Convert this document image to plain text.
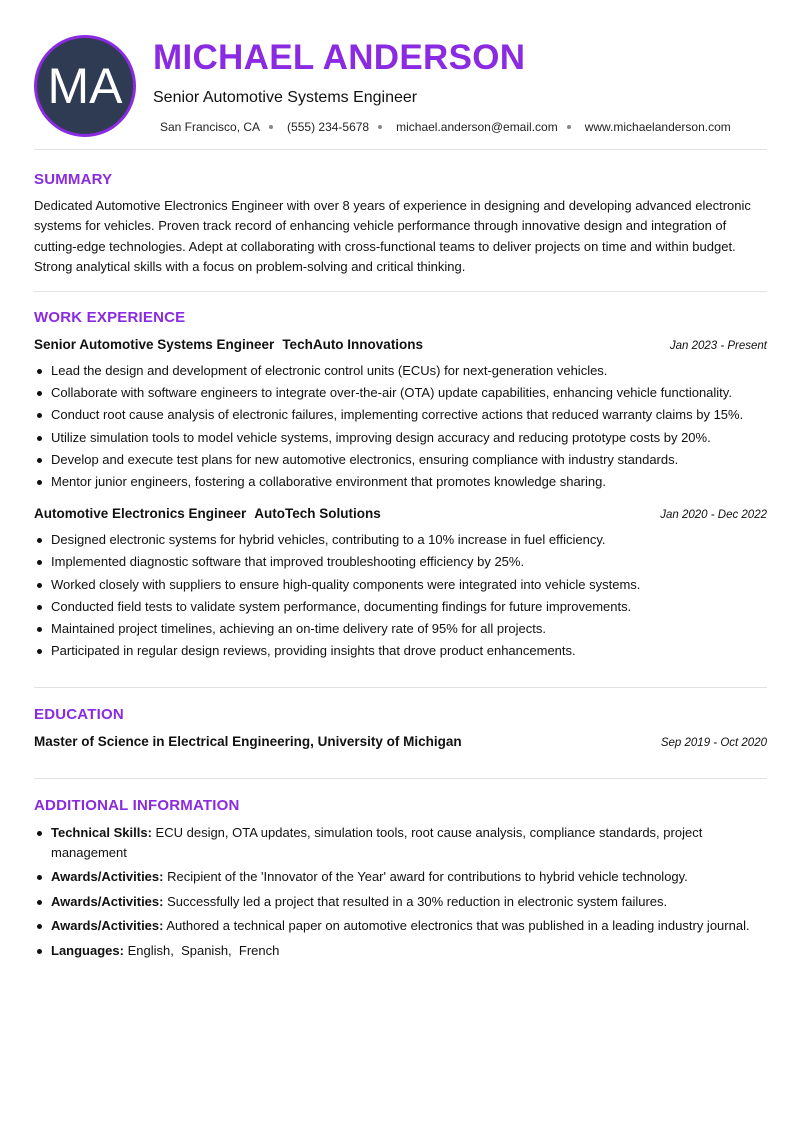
MA
MICHAEL ANDERSON
Senior Automotive Systems Engineer
San Francisco, CA (555) 234-5678 michael.anderson@email.com www.michaelanderson.com
SUMMARY

Dedicated Automotive Electronics Engineer with over 8 years of experience in designing and developing advanced electronic systems for vehicles. Proven track record of enhancing vehicle performance through innovative design and integration of cutting-edge technologies. Adept at collaborating with cross-functional teams to deliver projects on time and within budget. Strong analytical skills with a focus on problem-solving and critical thinking.

WORK EXPERIENCE
Senior Automotive Systems Engineer TechAuto Innovations	Jan 2023 - Present
Lead the design and development of electronic control units (ECUs) for next-generation vehicles.
Collaborate with software engineers to integrate over-the-air (OTA) update capabilities, enhancing vehicle functionality.
Conduct root cause analysis of electronic failures, implementing corrective actions that reduced warranty claims by 15%.
Utilize simulation tools to model vehicle systems, improving design accuracy and reducing prototype costs by 20%.
Develop and execute test plans for new automotive electronics, ensuring compliance with industry standards.
Mentor junior engineers, fostering a collaborative environment that promotes knowledge sharing.
Automotive Electronics Engineer AutoTech Solutions	Jan 2020 - Dec 2022
Designed electronic systems for hybrid vehicles, contributing to a 10% increase in fuel efficiency.
Implemented diagnostic software that improved troubleshooting efficiency by 25%.
Worked closely with suppliers to ensure high-quality components were integrated into vehicle systems.
Conducted field tests to validate system performance, documenting findings for future improvements.
Maintained project timelines, achieving an on-time delivery rate of 95% for all projects.
Participated in regular design reviews, providing insights that drove product enhancements.
EDUCATION
Master of Science in Electrical Engineering, University of Michigan	Sep 2019 - Oct 2020
ADDITIONAL INFORMATION
Technical Skills: ECU design, OTA updates, simulation tools, root cause analysis, compliance standards, project management
Awards/Activities: Recipient of the 'Innovator of the Year' award for contributions to hybrid vehicle technology.
Awards/Activities: Successfully led a project that resulted in a 30% reduction in electronic system failures.
Awards/Activities: Authored a technical paper on automotive electronics that was published in a leading industry journal.
Languages: English,  Spanish,  French
